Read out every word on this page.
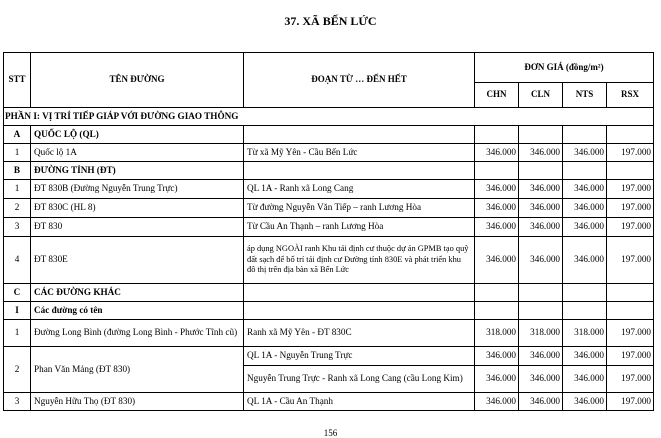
37. XÃ BẾN LỨC
STT	TÊN ĐƯỜNG	ĐOẠN TỪ … ĐẾN HẾT	ĐƠN GIÁ (đồng/m²)			
			CHN	CLN	NTS	RSX
PHẦN I: VỊ TRÍ TIẾP GIÁP VỚI ĐƯỜNG GIAO THÔNG						
A	QUỐC LỘ (QL)					
1	Quốc lộ 1A	Từ xã Mỹ Yên - Cầu Bến Lức	346.000	346.000	346.000	197.000
B	ĐƯỜNG TỈNH (ĐT)					
1	ĐT 830B (Đường Nguyễn Trung Trực)	QL 1A - Ranh xã Long Cang	346.000	346.000	346.000	197.000
2	ĐT 830C (HL 8)	Từ đường Nguyễn Văn Tiếp – ranh Lương Hòa	346.000	346.000	346.000	197.000
3	ĐT 830	Từ Cầu An Thạnh – ranh Lương Hòa	346.000	346.000	346.000	197.000
4	ĐT 830E	áp dụng NGOÀI ranh Khu tái định cư thuộc dự án GPMB tạo quỹ đất sạch để bố trí tái định cư Đường tỉnh 830E và phát triển khu đô thị trên địa bàn xã Bến Lức	346.000	346.000	346.000	197.000
C	CÁC ĐƯỜNG KHÁC					
I	Các đường có tên					
1	Đường Long Bình (đường Long Bình - Phước Tĩnh cũ)	Ranh xã Mỹ Yên - ĐT 830C	318.000	318.000	318.000	197.000
2	Phan Văn Mảng (ĐT 830)	QL 1A - Nguyễn Trung Trực	346.000	346.000	346.000	197.000
		Nguyễn Trung Trực - Ranh xã Long Cang (cầu Long Kim)	346.000	346.000	346.000	197.000
3	Nguyễn Hữu Thọ (ĐT 830)	QL 1A - Cầu An Thạnh	346.000	346.000	346.000	197.000
156
